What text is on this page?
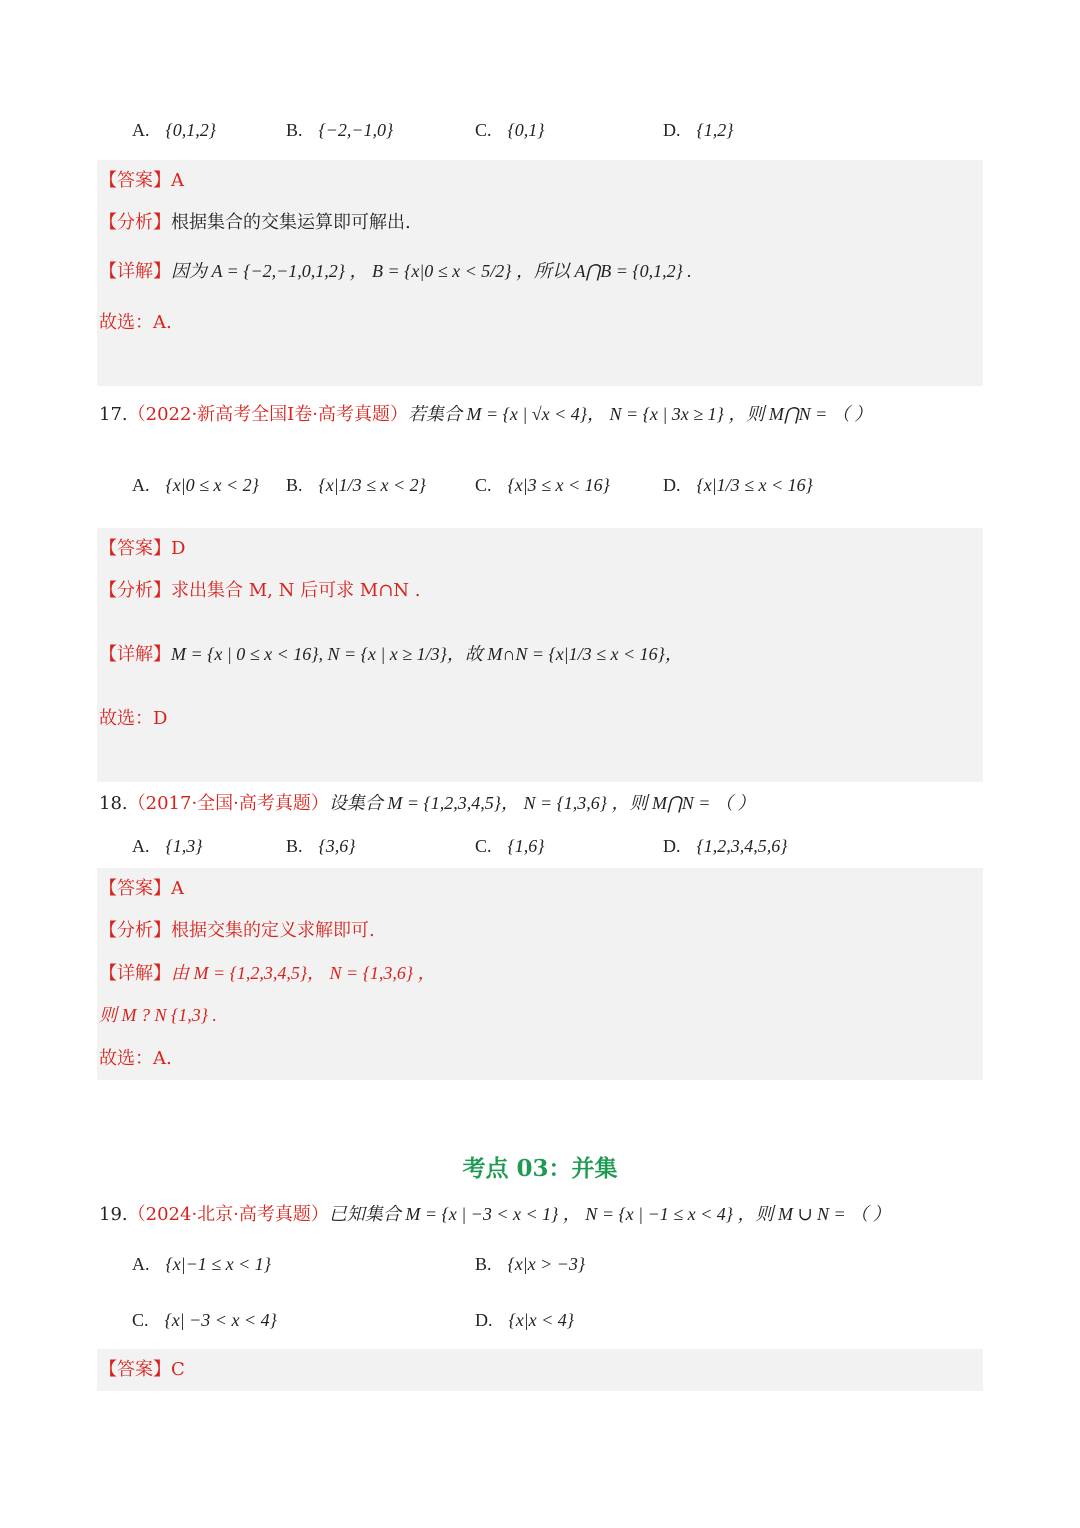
A. {0,1,2}	B. {−2,−1,0}	C. {0,1}	D. {1,2}
【答案】A
【分析】根据集合的交集运算即可解出.
【详解】因为 A = {−2,−1,0,1,2} ， B = {x|0 ≤ x < 5/2} ，所以 A⋂B = {0,1,2} .
故选：A.
17.（2022·新高考全国Ⅰ卷·高考真题）若集合 M = {x | √x < 4}， N = {x | 3x ≥ 1} ，则 M⋂N = （ ）
A. {x|0 ≤ x < 2} B. {x|1/3 ≤ x < 2}	C. {x|3 ≤ x < 16}	D. {x|1/3 ≤ x < 16}
【答案】D
【分析】求出集合 M, N 后可求 M∩N .
【详解】M = {x | 0 ≤ x < 16}, N = {x | x ≥ 1/3}，故 M∩N = {x|1/3 ≤ x < 16}，
故选：D
18.（2017·全国·高考真题）设集合 M = {1,2,3,4,5}， N = {1,3,6} ，则 M⋂N = （ ）
A. {1,3}	B. {3,6}	C. {1,6}	D. {1,2,3,4,5,6}
【答案】A
【分析】根据交集的定义求解即可.
【详解】由 M = {1,2,3,4,5}， N = {1,3,6} ，
则 M ? N {1,3} .
故选：A.
考点 03：并集
19.（2024·北京·高考真题）已知集合 M = {x | −3 < x < 1} ， N = {x | −1 ≤ x < 4} ，则 M ∪ N = （ ）
A. {x|−1 ≤ x < 1}	B. {x|x > −3}
C. {x| −3 < x < 4}	D. {x|x < 4}
【答案】C
